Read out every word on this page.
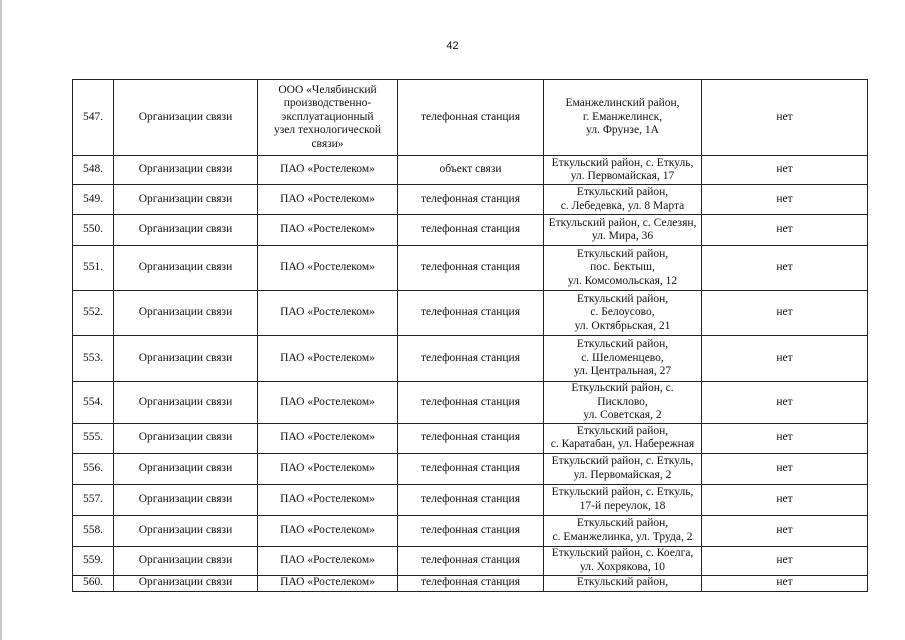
42
547.	Организации связи	ООО «Челябинский
производственно-
эксплуатационный
узел технологической
связи»	телефонная станция	Еманжелинский район,
г. Еманжелинск,
ул. Фрунзе, 1А	нет
548.	Организации связи	ПАО «Ростелеком»	объект связи	Еткульский район, с. Еткуль,
ул. Первомайская, 17	нет
549.	Организации связи	ПАО «Ростелеком»	телефонная станция	Еткульский район,
с. Лебедевка, ул. 8 Марта	нет
550.	Организации связи	ПАО «Ростелеком»	телефонная станция	Еткульский район, с. Селезян,
ул. Мира, 36	нет
551.	Организации связи	ПАО «Ростелеком»	телефонная станция	Еткульский район,
пос. Бектыш,
ул. Комсомольская, 12	нет
552.	Организации связи	ПАО «Ростелеком»	телефонная станция	Еткульский район,
с. Белоусово,
ул. Октябрьская, 21	нет
553.	Организации связи	ПАО «Ростелеком»	телефонная станция	Еткульский район,
с. Шеломенцево,
ул. Центральная, 27	нет
554.	Организации связи	ПАО «Ростелеком»	телефонная станция	Еткульский район, с. Писклово,
ул. Советская, 2	нет
555.	Организации связи	ПАО «Ростелеком»	телефонная станция	Еткульский район,
с. Каратабан, ул. Набережная	нет
556.	Организации связи	ПАО «Ростелеком»	телефонная станция	Еткульский район, с. Еткуль,
ул. Первомайская, 2	нет
557.	Организации связи	ПАО «Ростелеком»	телефонная станция	Еткульский район, с. Еткуль,
17-й переулок, 18	нет
558.	Организации связи	ПАО «Ростелеком»	телефонная станция	Еткульский район,
с. Еманжелинка, ул. Труда, 2	нет
559.	Организации связи	ПАО «Ростелеком»	телефонная станция	Еткульский район, с. Коелга,
ул. Хохрякова, 10	нет
560.	Организации связи	ПАО «Ростелеком»	телефонная станция	Еткульский район,	нет
